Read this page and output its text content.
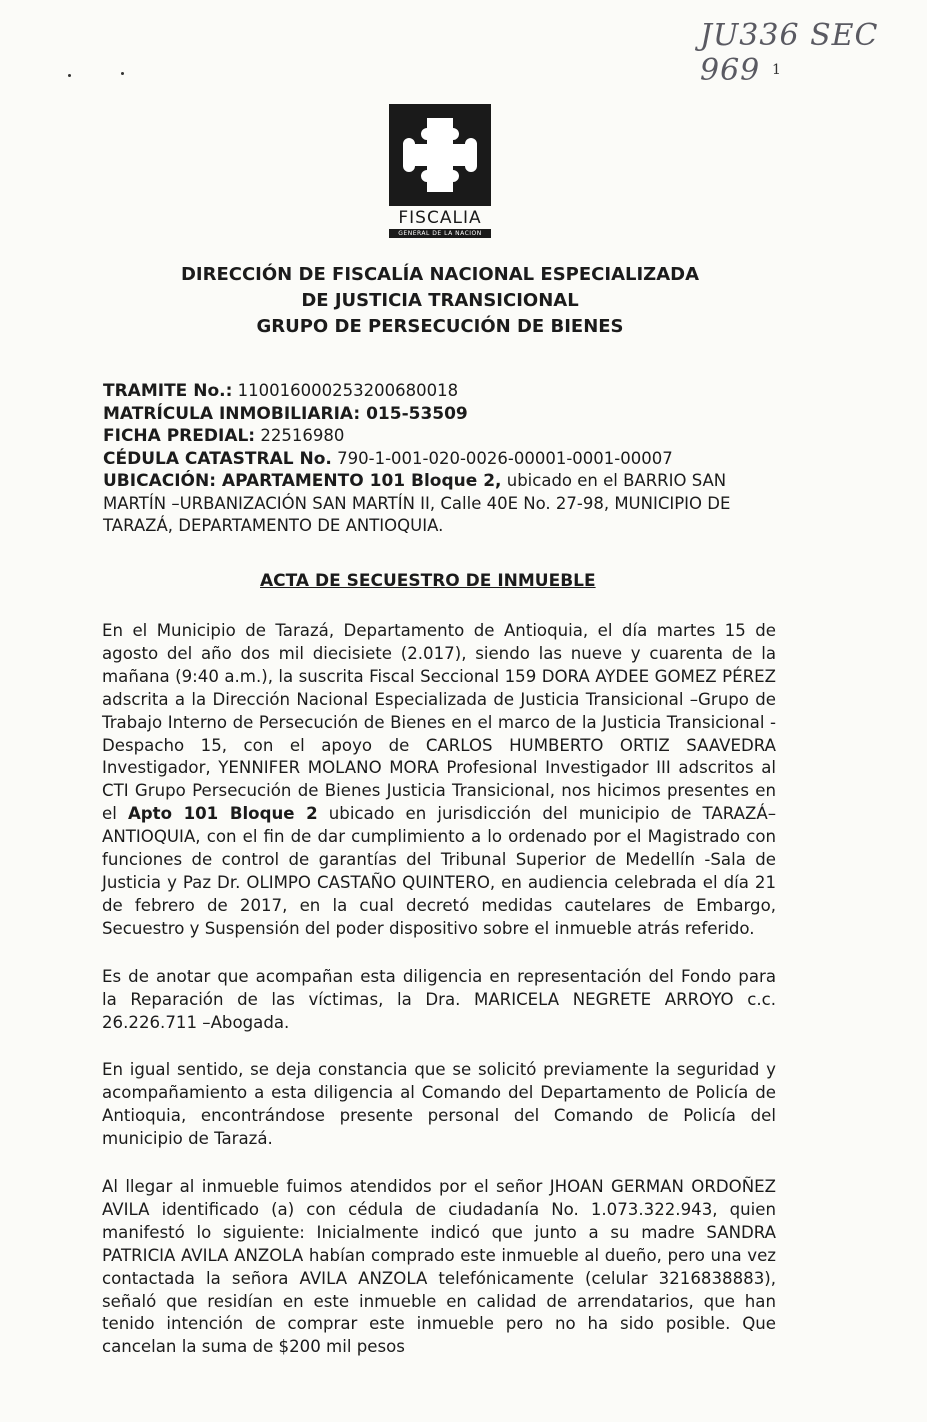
JU336 SEC 969 1
FISCALIA
GENERAL DE LA NACION
DIRECCIÓN DE FISCALÍA NACIONAL ESPECIALIZADA
DE JUSTICIA TRANSICIONAL
GRUPO DE PERSECUCIÓN DE BIENES
TRAMITE No.: 11001600025320068001​8
MATRÍCULA INMOBILIARIA: 015-53509
FICHA PREDIAL: 22516980
CÉDULA CATASTRAL No. 790-1-001-020-0026-00001-0001-00007
UBICACIÓN: APARTAMENTO 101 Bloque 2, ubicado en el BARRIO SAN MARTÍN –URBANIZACIÓN SAN MARTÍN II, Calle 40E No. 27-98, MUNICIPIO DE TARAZÁ, DEPARTAMENTO DE ANTIOQUIA.
ACTA DE SECUESTRO DE INMUEBLE

En el Municipio de Tarazá, Departamento de Antioquia, el día martes 15 de agosto del año dos mil diecisiete (2.017), siendo las nueve y cuarenta de la mañana (9:40 a.m.), la suscrita Fiscal Seccional 159 DORA AYDEE GOMEZ PÉREZ adscrita a la Dirección Nacional Especializada de Justicia Transicional –Grupo de Trabajo Interno de Persecución de Bienes en el marco de la Justicia Transicional -Despacho 15, con el apoyo de CARLOS HUMBERTO ORTIZ SAAVEDRA Investigador, YENNIFER MOLANO MORA Profesional Investigador III adscritos al CTI Grupo Persecución de Bienes Justicia Transicional, nos hicimos presentes en el Apto 101 Bloque 2 ubicado en jurisdicción del municipio de TARAZÁ–ANTIOQUIA, con el fin de dar cumplimiento a lo ordenado por el Magistrado con funciones de control de garantías del Tribunal Superior de Medellín -Sala de Justicia y Paz Dr. OLIMPO CASTAÑO QUINTERO, en audiencia celebrada el día 21 de febrero de 2017, en la cual decretó medidas cautelares de Embargo, Secuestro y Suspensión del poder dispositivo sobre el inmueble atrás referido.

Es de anotar que acompañan esta diligencia en representación del Fondo para la Reparación de las víctimas, la Dra. MARICELA NEGRETE ARROYO c.c. 26.226.711 –Abogada.

En igual sentido, se deja constancia que se solicitó previamente la seguridad y acompañamiento a esta diligencia al Comando del Departamento de Policía de Antioquia, encontrándose presente personal del Comando de Policía del municipio de Tarazá.

Al llegar al inmueble fuimos atendidos por el señor JHOAN GERMAN ORDOÑEZ AVILA identificado (a) con cédula de ciudadanía No. 1.073.322.943, quien manifestó lo siguiente: Inicialmente indicó que junto a su madre SANDRA PATRICIA AVILA ANZOLA habían comprado este inmueble al dueño, pero una vez contactada la señora AVILA ANZOLA telefónicamente (celular 3216838883), señaló que residían en este inmueble en calidad de arrendatarios, que han tenido intención de comprar este inmueble pero no ha sido posible. Que cancelan la suma de $200 mil pesos
